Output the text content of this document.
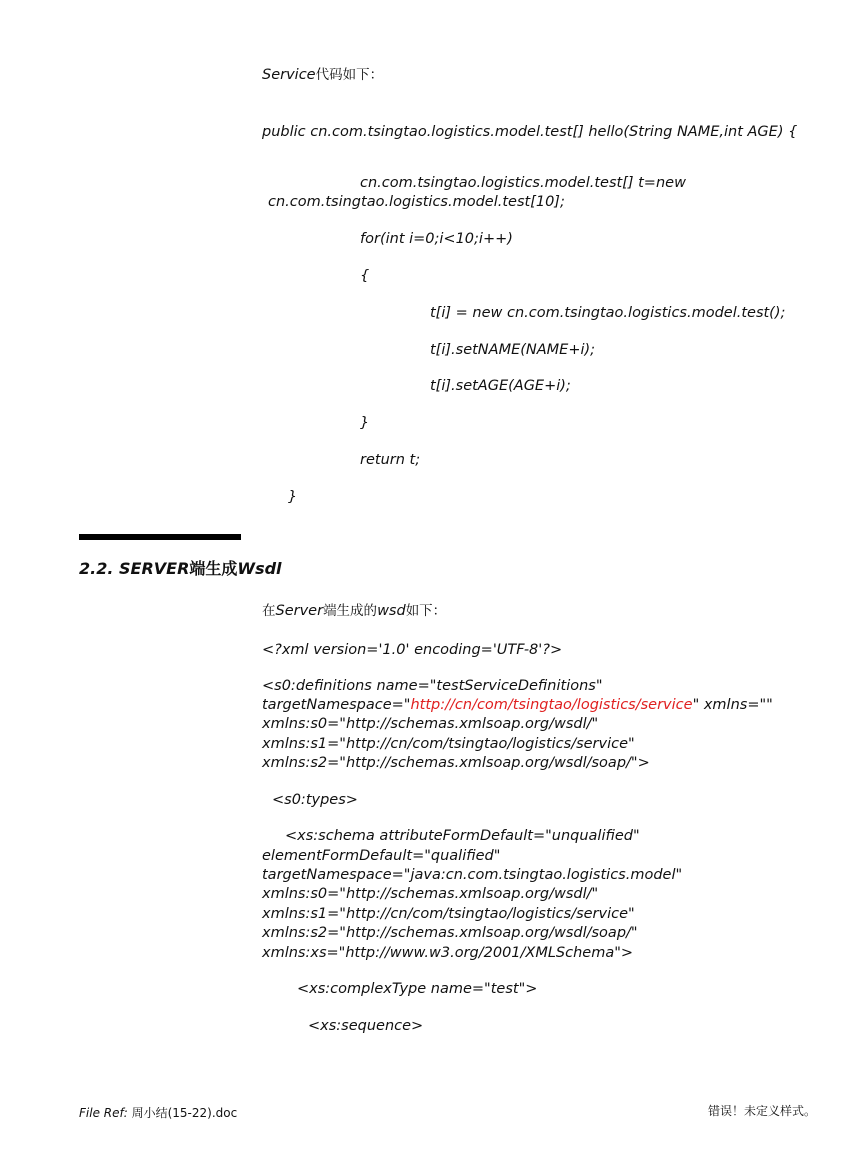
Service代码如下：
public cn.com.tsingtao.logistics.model.test[] hello(String NAME,int AGE) {
cn.com.tsingtao.logistics.model.test[] t=new
cn.com.tsingtao.logistics.model.test[10];
for(int i=0;i<10;i++)
{
t[i] = new cn.com.tsingtao.logistics.model.test();
t[i].setNAME(NAME+i);
t[i].setAGE(AGE+i);
}
return t;
}
2.2. SERVER端生成Wsdl
在Server端生成的wsd如下：
<?xml version='1.0' encoding='UTF-8'?>
<s0:definitions name="testServiceDefinitions"
targetNamespace="http://cn/com/tsingtao/logistics/service" xmlns=""
xmlns:s0="http://schemas.xmlsoap.org/wsdl/"
xmlns:s1="http://cn/com/tsingtao/logistics/service"
xmlns:s2="http://schemas.xmlsoap.org/wsdl/soap/">
<s0:types>
<xs:schema attributeFormDefault="unqualified"
elementFormDefault="qualified"
targetNamespace="java:cn.com.tsingtao.logistics.model"
xmlns:s0="http://schemas.xmlsoap.org/wsdl/"
xmlns:s1="http://cn/com/tsingtao/logistics/service"
xmlns:s2="http://schemas.xmlsoap.org/wsdl/soap/"
xmlns:xs="http://www.w3.org/2001/XMLSchema">
<xs:complexType name="test">
<xs:sequence>
File Ref: 周小结(15-22).doc	错误！未定义样式。
